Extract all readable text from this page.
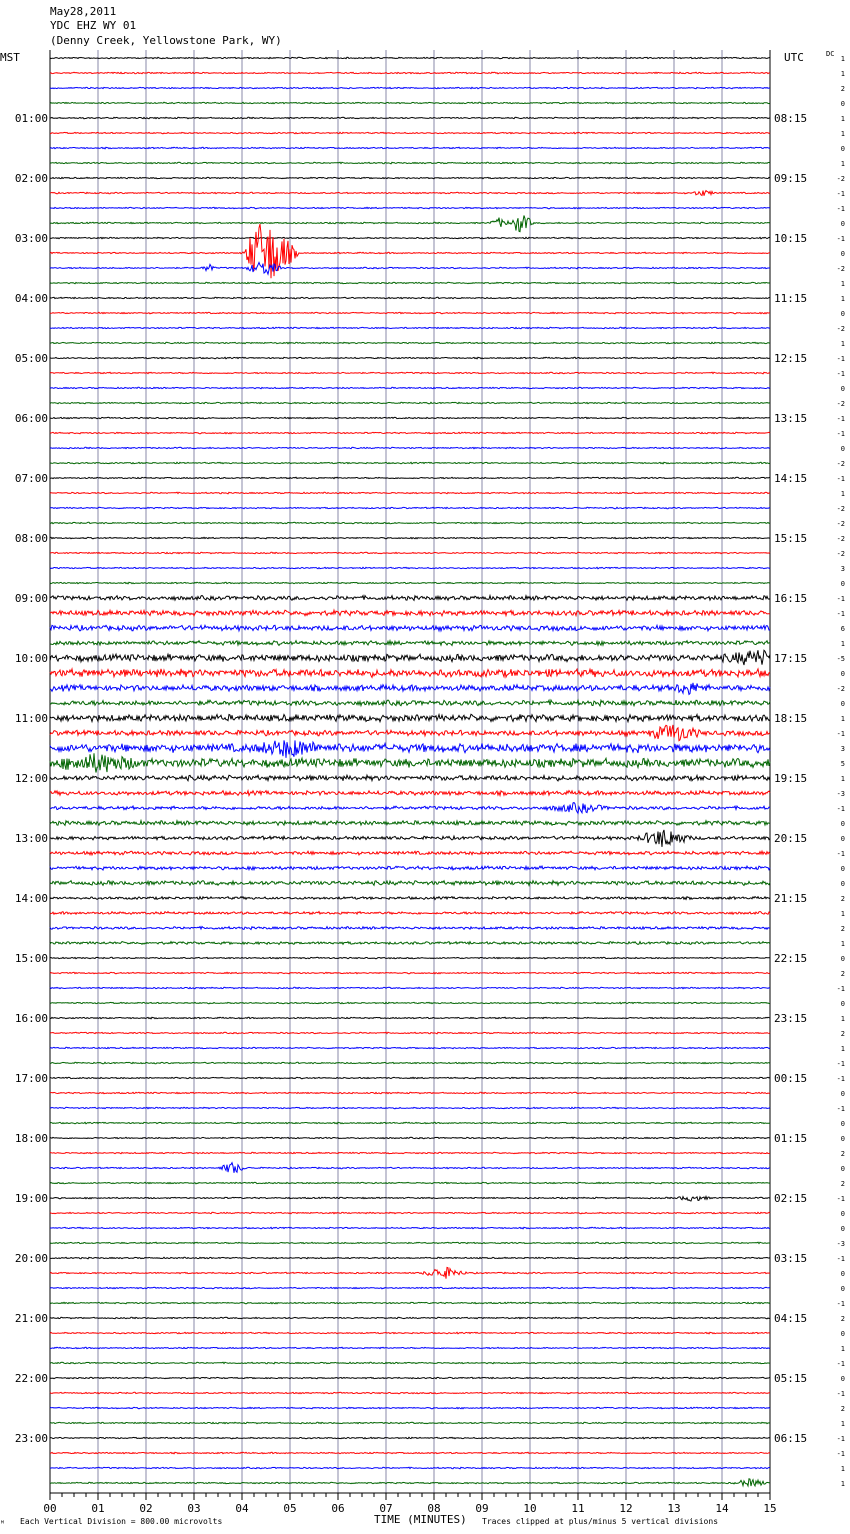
May28,2011
YDC EHZ WY 01
(Denny Creek, Yellowstone Park, WY)
MST	UTC	DC
TIME (MINUTES)
Each Vertical Division = 800.00 microvolts	Traces clipped at plus/minus 5 vertical divisions
ᴹ
00	01	02	03	04	05	06	07	08	09	10	11	12	13	14	15
1
1
2
0
1
1
0
1
-2
-1
-1
0
-1
0
-2
1
1
0
-2
1
-1
-1
0
-2
-1
-1
0
-2
-1
1
-2
-2
-2
-2
3
0
-1
-1
6
1
-5
0
-2
0
1
-1
3
5
1
-3
-1
0
0
-1
0
0
2
1
2
1
0
2
-1
0
1
2
1
-1
-1
0
-1
0
0
2
0
2
-1
0
0
-3
-1
0
0
-1
2
0
1
-1
0
-1
2
1
-1
-1
1
1
01:00	08:15
02:00	09:15
03:00	10:15
04:00	11:15
05:00	12:15
06:00	13:15
07:00	14:15
08:00	15:15
09:00	16:15
10:00	17:15
11:00	18:15
12:00	19:15
13:00	20:15
14:00	21:15
15:00	22:15
16:00	23:15
17:00	00:15
18:00	01:15
19:00	02:15
20:00	03:15
21:00	04:15
22:00	05:15
23:00	06:15
